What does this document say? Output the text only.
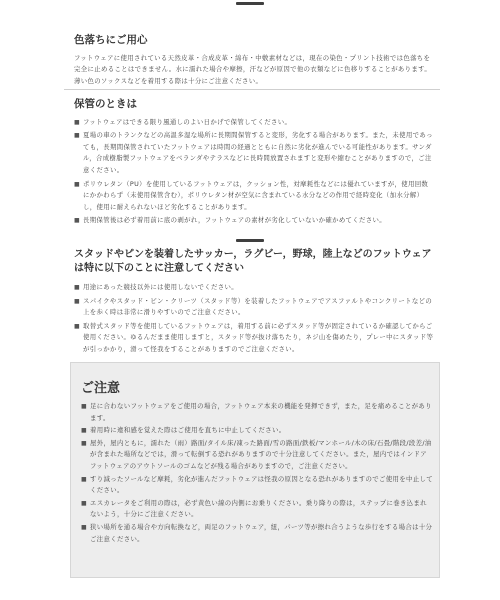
色落ちにご用心

フットウェアに使用されている天然皮革・合成皮革・綿布・中敷素材などは，現在の染色・プリント技術では色落ちを完全に止めることはできません。水に濡れた場合や摩擦，汗などが原因で他の衣類などに色移りすることがあります。薄い色のソックスなどを着用する際は十分にご注意ください。

保管のときは

■ フットウェアはできる限り風通しのよい日かげで保管してください。
■ 夏場の車のトランクなどの高温多湿な場所に長期間保管すると変形，劣化する場合があります。また，未使用であっても，長期間保管されていたフットウェアは時間の経過とともに自然に劣化が進んでいる可能性があります。サンダル，合成樹脂製フットウェアをベランダやテラスなどに長時間放置されますと変形や縮むことがありますので，ご注意ください。
■ ポリウレタン（PU）を使用しているフットウェアは，クッション性，対摩耗性などには優れていますが，使用回数にかかわらず（未使用保管含む），ポリウレタン材が空気に含まれている水分などの作用で経時変化（加水分解）し，使用に耐えられないほど劣化することがあります。
■ 長期保管後は必ず着用前に底の剥がれ，フットウェアの素材が劣化していないか確かめてください。

スタッドやピンを装着したサッカー，ラグビー，野球，陸上などのフットウェアは特に以下のことに注意してください

■ 用途にあった競技以外には使用しないでください。
■ スパイクやスタッド・ピン・クリーツ（スタッド等）を装着したフットウェアでアスファルトやコンクリートなどの上を歩く時は非常に滑りやすいのでご注意ください。
■ 取替式スタッド等を使用しているフットウェアは，着用する前に必ずスタッド等が固定されているか確認してからご使用ください。ゆるんだまま使用しますと，スタッド等が抜け落ちたり，ネジ山を傷めたり，プレー中にスタッド等が引っかかり，滑って怪我をすることがありますのでご注意ください。
ご注意
■ 足に合わないフットウェアをご使用の場合，フットウェア本来の機能を発揮できず，また，足を痛めることがあります。
■ 着用時に違和感を覚えた際はご使用を直ちに中止してください。
■ 屋外，屋内ともに，濡れた（雨）路面/タイル床/凍った路面/雪の路面/鉄板/マンホール/木の床/石畳/階段/段差/油が含まれた場所などでは，滑って転倒する恐れがありますので十分注意してください。また，屋内ではインドアフットウェアのアウトソールのゴムなどが残る場合がありますので，ご注意ください。
■ すり減ったソールなど摩耗，劣化が進んだフットウェアは怪我の原因となる恐れがありますのでご使用を中止してください。
■ エスカレータをご利用の際は，必ず黄色い線の内側にお乗りください。乗り降りの際は，ステップに巻き込まれないよう，十分にご注意ください。
■ 狭い場所を通る場合や方向転換など，両足のフットウェア，紐，パーツ等が擦れ合うような歩行をする場合は十分ご注意ください。
